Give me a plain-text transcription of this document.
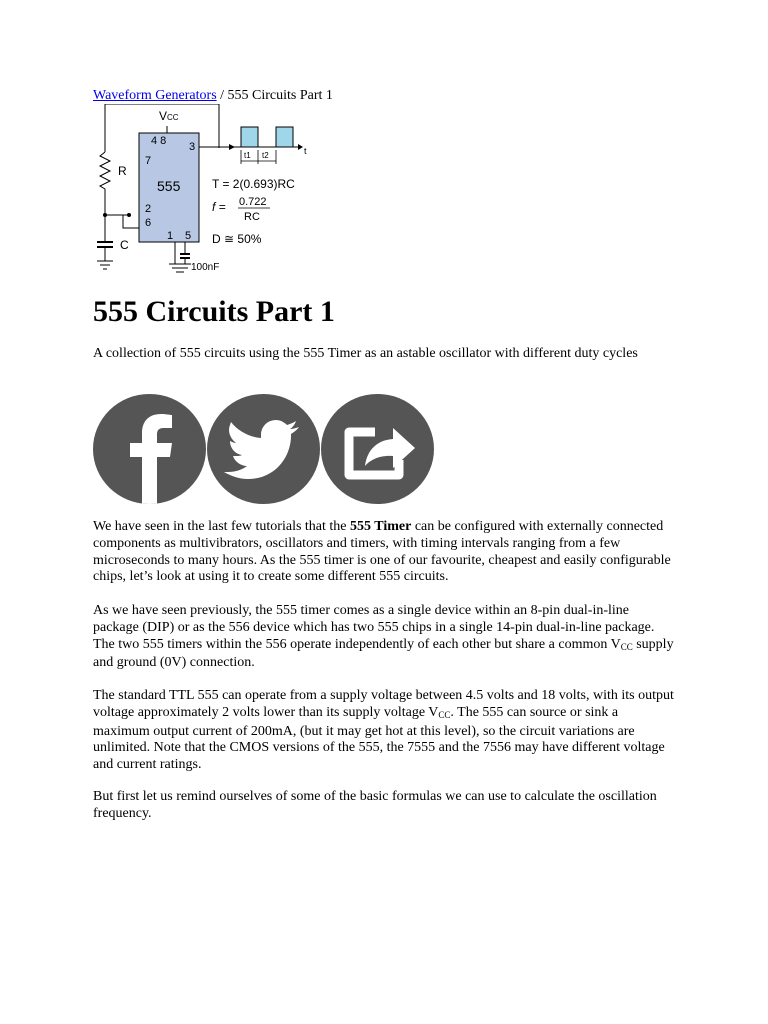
Waveform Generators / 555 Circuits Part 1
VCC
4 8 3
7
555
2
6
1 5
R
C
100nF
t1 t2	t
T = 2(0.693)RC
f = 0.722
RC
D ≅ 50%
555 Circuits Part 1

A collection of 555 circuits using the 555 Timer as an astable oscillator with different duty cycles

We have seen in the last few tutorials that the 555 Timer can be configured with externally connected components as multivibrators, oscillators and timers, with timing intervals ranging from a few microseconds to many hours. As the 555 timer is one of our favourite, cheapest and easily configurable chips, let’s look at using it to create some different 555 circuits.

As we have seen previously, the 555 timer comes as a single device within an 8-pin dual-in-line package (DIP) or as the 556 device which has two 555 chips in a single 14-pin dual-in-line package. The two 555 timers within the 556 operate independently of each other but share a common $V_{CC}$ supply and ground (0V) connection.

The standard TTL 555 can operate from a supply voltage between 4.5 volts and 18 volts, with its output voltage approximately 2 volts lower than its supply voltage $V_{CC}$. The 555 can source or sink a maximum output current of 200mA, (but it may get hot at this level), so the circuit variations are unlimited. Note that the CMOS versions of the 555, the 7555 and the 7556 may have different voltage and current ratings.

But first let us remind ourselves of some of the basic formulas we can use to calculate the oscillation frequency.
